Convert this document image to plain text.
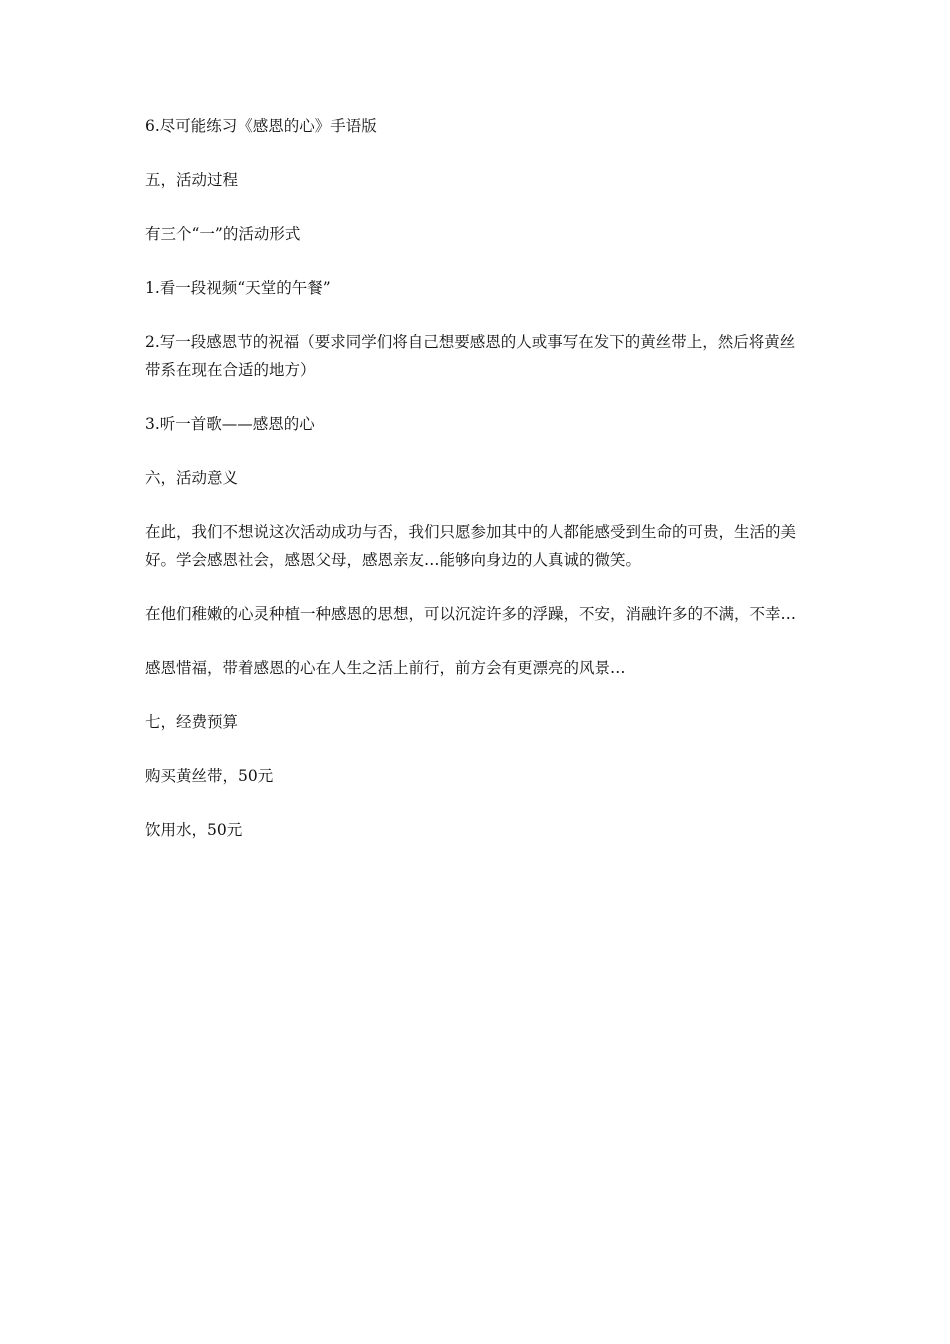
6.尽可能练习《感恩的心》手语版

五，活动过程

有三个“一”的活动形式

1.看一段视频“天堂的午餐”

2.写一段感恩节的祝福（要求同学们将自己想要感恩的人或事写在发下的黄丝带上，然后将黄丝带系在现在合适的地方）

3.听一首歌——感恩的心

六，活动意义

在此，我们不想说这次活动成功与否，我们只愿参加其中的人都能感受到生命的可贵，生活的美好。学会感恩社会，感恩父母，感恩亲友…能够向身边的人真诚的微笑。

在他们稚嫩的心灵种植一种感恩的思想，可以沉淀许多的浮躁，不安，消融许多的不满，不幸…

感恩惜福，带着感恩的心在人生之活上前行，前方会有更漂亮的风景…

七，经费预算

购买黄丝带，50元

饮用水，50元
